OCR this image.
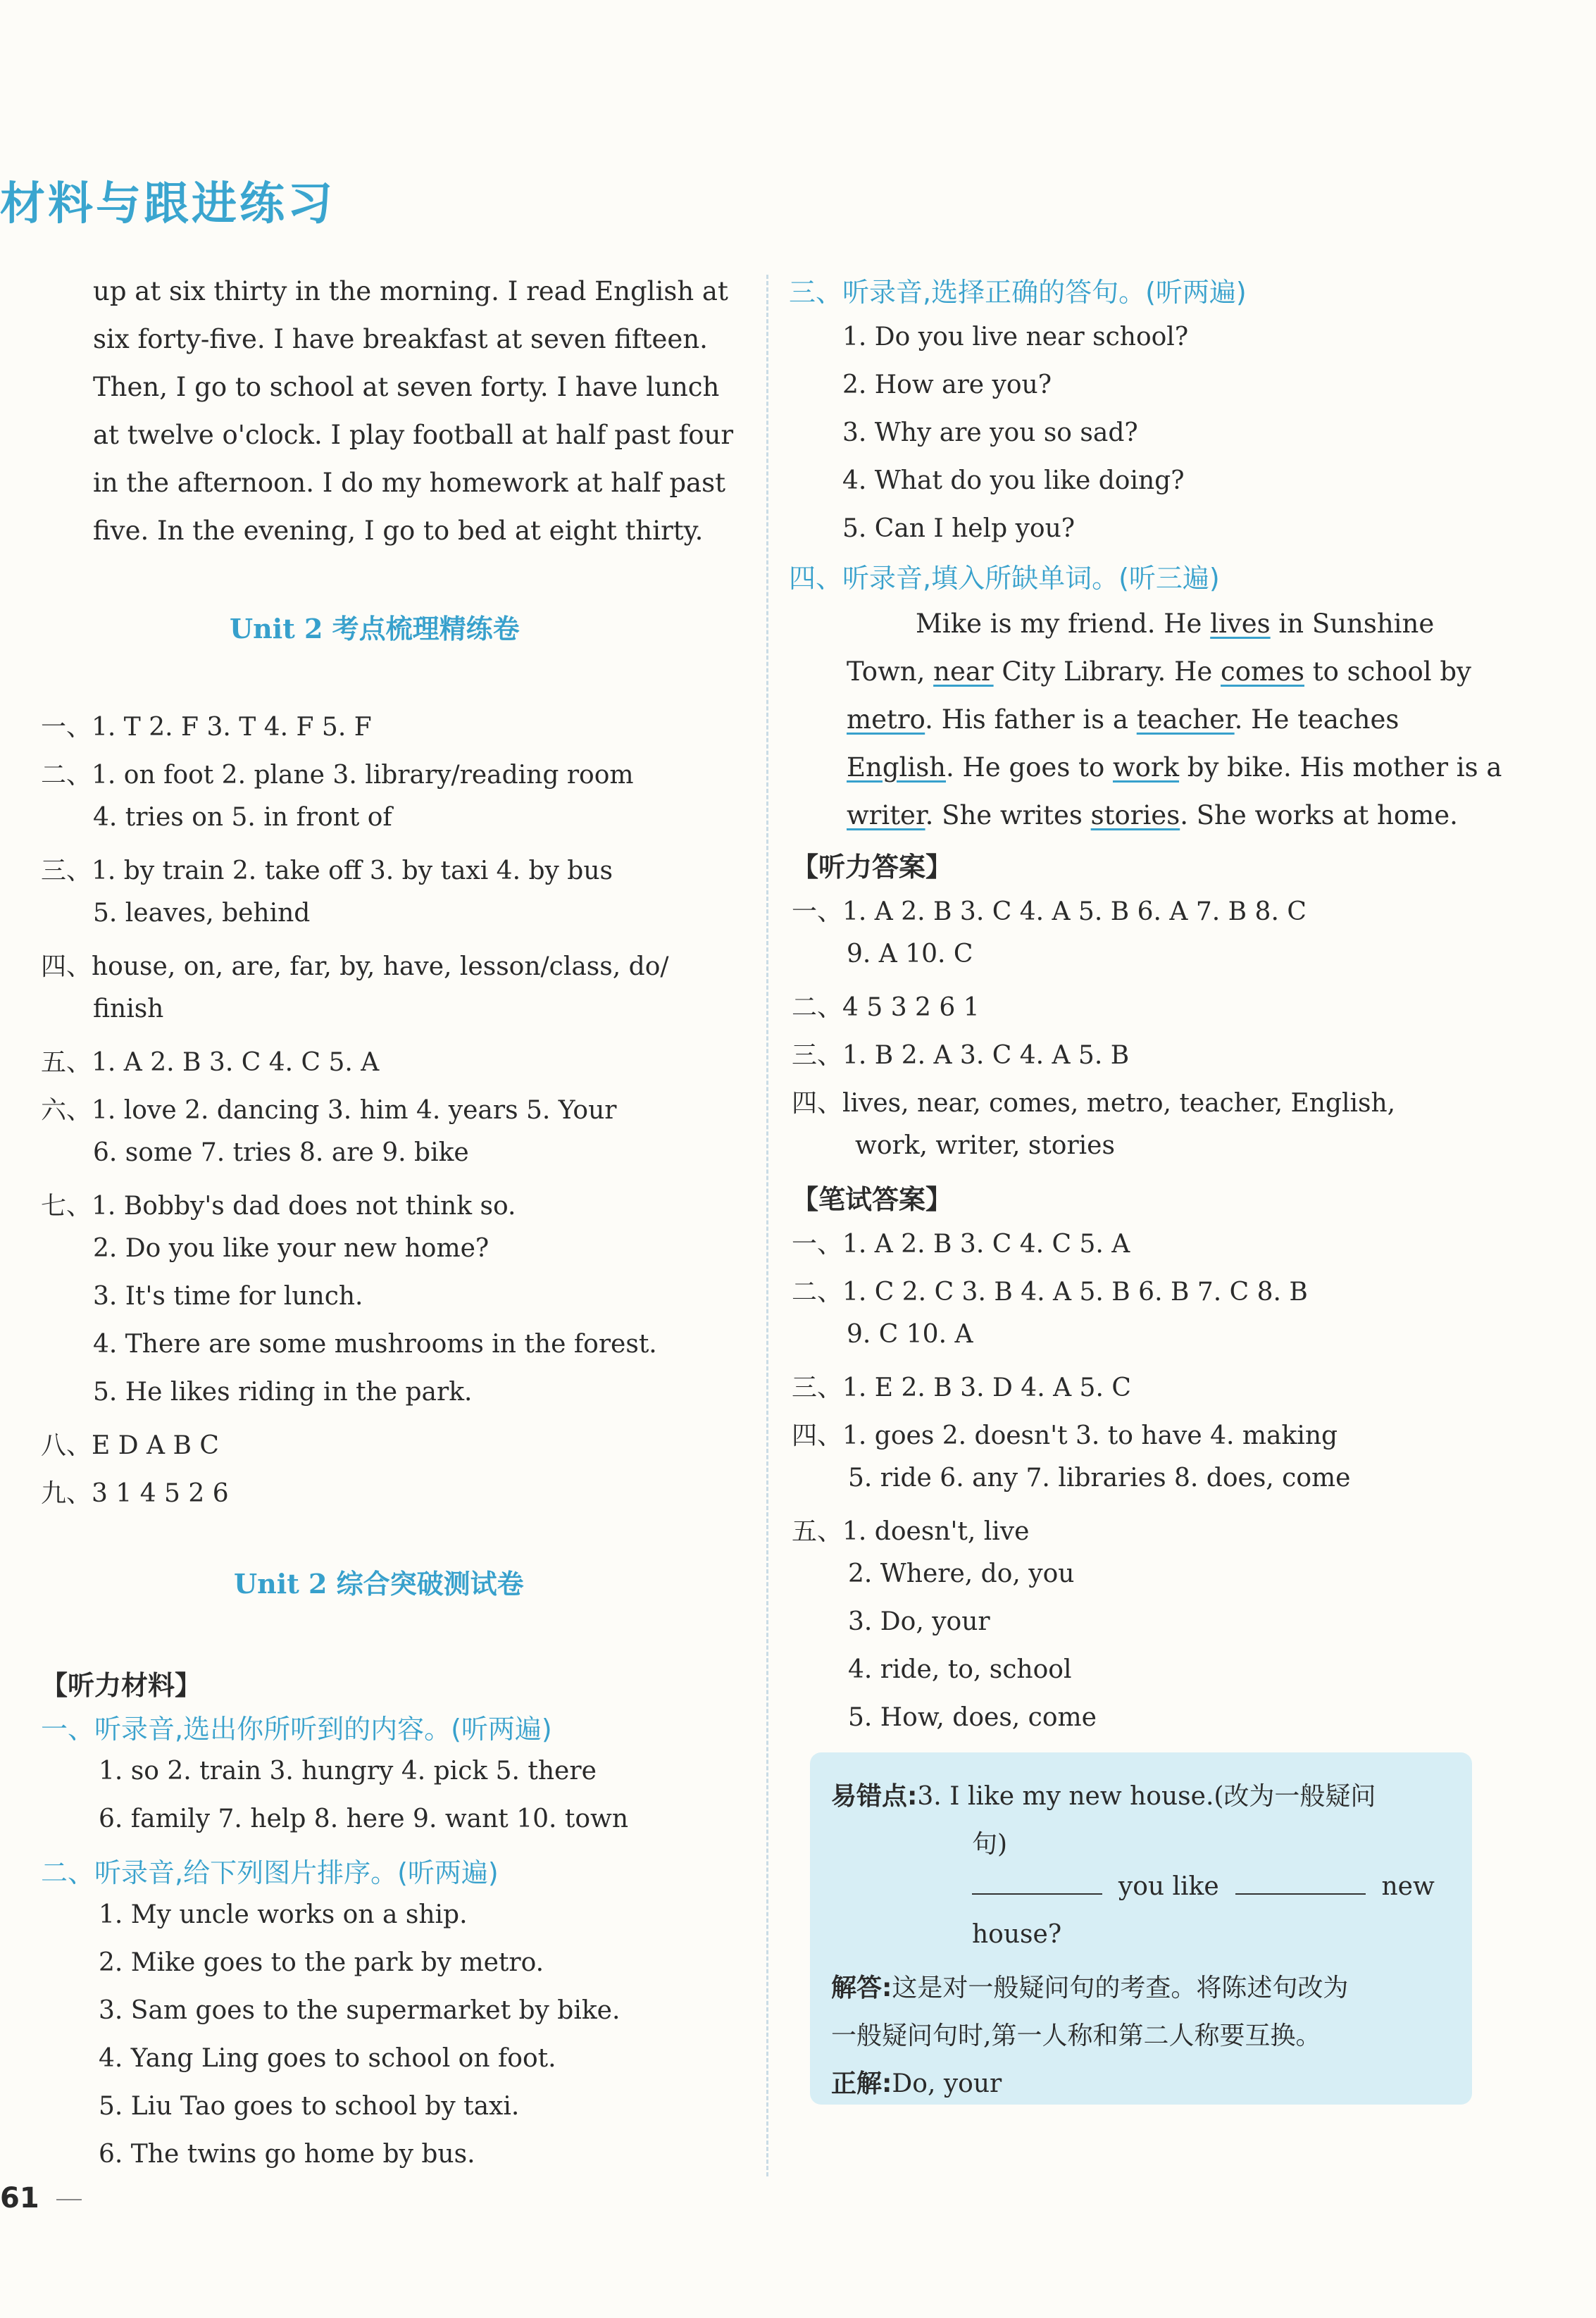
材料与跟进练习
up at six thirty in the morning. I read English at
six forty-five. I have breakfast at seven fifteen.
Then, I go to school at seven forty. I have lunch
at twelve o'clock. I play football at half past four
in the afternoon. I do my homework at half past
five. In the evening, I go to bed at eight thirty.
Unit 2 考点梳理精练卷
一、1. T 2. F 3. T 4. F 5. F
二、1. on foot 2. plane 3. library/reading room
4. tries on 5. in front of
三、1. by train 2. take off 3. by taxi 4. by bus
5. leaves, behind
四、house, on, are, far, by, have, lesson/class, do/
finish
五、1. A 2. B 3. C 4. C 5. A
六、1. love 2. dancing 3. him 4. years 5. Your
6. some 7. tries 8. are 9. bike
七、1. Bobby's dad does not think so.
2. Do you like your new home?
3. It's time for lunch.
4. There are some mushrooms in the forest.
5. He likes riding in the park.
八、E D A B C
九、3 1 4 5 2 6
Unit 2 综合突破测试卷
【听力材料】
一、听录音,选出你所听到的内容。(听两遍)
1. so 2. train 3. hungry 4. pick 5. there
6. family 7. help 8. here 9. want 10. town
二、听录音,给下列图片排序。(听两遍)
1. My uncle works on a ship.
2. Mike goes to the park by metro.
3. Sam goes to the supermarket by bike.
4. Yang Ling goes to school on foot.
5. Liu Tao goes to school by taxi.
6. The twins go home by bus.
三、听录音,选择正确的答句。(听两遍)
1. Do you live near school?
2. How are you?
3. Why are you so sad?
4. What do you like doing?
5. Can I help you?
四、听录音,填入所缺单词。(听三遍)
Mike is my friend. He lives in Sunshine
Town, near City Library. He comes to school by
metro. His father is a teacher. He teaches
English. He goes to work by bike. His mother is a
writer. She writes stories. She works at home.
【听力答案】
一、1. A 2. B 3. C 4. A 5. B 6. A 7. B 8. C
9. A 10. C
二、4 5 3 2 6 1
三、1. B 2. A 3. C 4. A 5. B
四、lives, near, comes, metro, teacher, English,
work, writer, stories
【笔试答案】
一、1. A 2. B 3. C 4. C 5. A
二、1. C 2. C 3. B 4. A 5. B 6. B 7. C 8. B
9. C 10. A
三、1. E 2. B 3. D 4. A 5. C
四、1. goes 2. doesn't 3. to have 4. making
5. ride 6. any 7. libraries 8. does, come
五、1. doesn't, live
2. Where, do, you
3. Do, your
4. ride, to, school
5. How, does, come
易错点:3. I like my new house.(改为一般疑问
句)
you like	new
house?
解答:这是对一般疑问句的考查。将陈述句改为
一般疑问句时,第一人称和第二人称要互换。
正解:Do, your
61
